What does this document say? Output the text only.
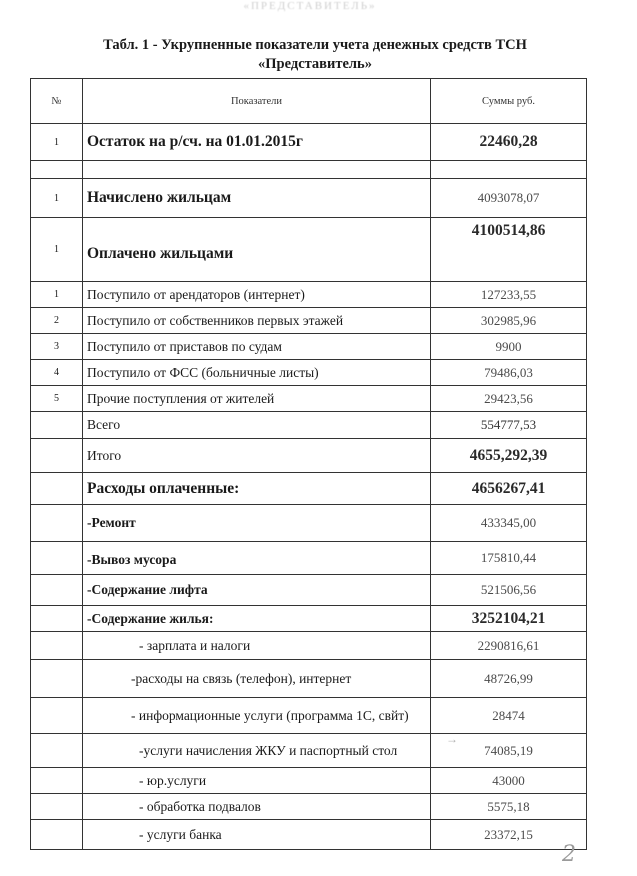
«ПРЕДСТАВИТЕЛЬ»
Табл. 1 - Укрупненные показатели учета денежных средств ТСН
«Представитель»
№	Показатели	Суммы руб.
1	Остаток на р/сч. на 01.01.2015г	22460,28

1	Начислено жильцам	4093078,07
1	Оплачено жильцами	4100514,86
1	Поступило от арендаторов (интернет)	127233,55
2	Поступило от собственников первых этажей	302985,96
3	Поступило от приставов по судам	9900
4	Поступило от ФСС (больничные листы)	79486,03
5	Прочие поступления от жителей	29423,56
	Всего	554777,53
	Итого	4655,292,39
	Расходы оплаченные:	4656267,41
	-Ремонт	433345,00
	-Вывоз мусора	175810,44
	-Содержание лифта	521506,56
	-Содержание жилья:	3252104,21
	- зарплата и налоги	2290816,61
	-расходы на связь (телефон), интернет	48726,99
	- информационные услуги (программа 1С, свйт)	28474
	-услуги начисления ЖКУ и паспортный стол	74085,19
	- юр.услуги	43000
	- обработка подвалов	5575,18
	- услуги банка	23372,15
→
2
